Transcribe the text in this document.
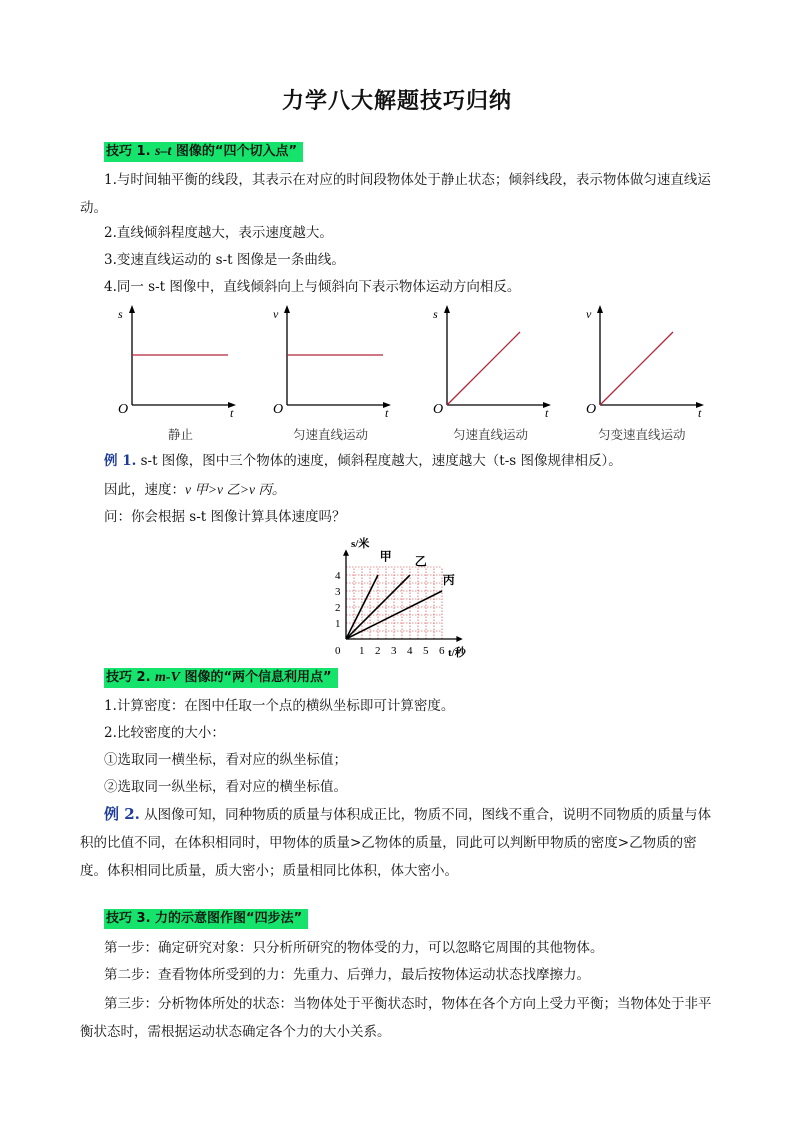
力学八大解题技巧归纳
技巧 1. s–t 图像的“四个切入点”
1.与时间轴平衡的线段，其表示在对应的时间段物体处于静止状态；倾斜线段，表示物体做匀速直线运动。
2.直线倾斜程度越大，表示速度越大。
3.变速直线运动的 s-t 图像是一条曲线。
4.同一 s-t 图像中，直线倾斜向上与倾斜向下表示物体运动方向相反。
s
t
O
静止
v
t
O
匀速直线运动
s
t
O
匀速直线运动
v
t
O
匀变速直线运动
例 1. s-t 图像，图中三个物体的速度，倾斜程度越大，速度越大（t-s 图像规律相反）。
因此，速度：v 甲>v 乙>v 丙。
问：你会根据 s-t 图像计算具体速度吗？
1 2 3 4 5 6
1
2
3
4
0
s/米
t/秒
甲 乙
丙
技巧 2. m-V 图像的“两个信息利用点”
1.计算密度：在图中任取一个点的横纵坐标即可计算密度。
2.比较密度的大小：
①选取同一横坐标，看对应的纵坐标值；
②选取同一纵坐标，看对应的横坐标值。
例 2. 从图像可知，同种物质的质量与体积成正比，物质不同，图线不重合，说明不同物质的质量与体积的比值不同，在体积相同时，甲物体的质量>乙物体的质量，同此可以判断甲物质的密度>乙物质的密度。体积相同比质量，质大密小；质量相同比体积，体大密小。
技巧 3. 力的示意图作图“四步法”
第一步：确定研究对象：只分析所研究的物体受的力，可以忽略它周围的其他物体。
第二步：查看物体所受到的力：先重力、后弹力，最后按物体运动状态找摩擦力。
第三步：分析物体所处的状态：当物体处于平衡状态时，物体在各个方向上受力平衡；当物体处于非平衡状态时，需根据运动状态确定各个力的大小关系。
